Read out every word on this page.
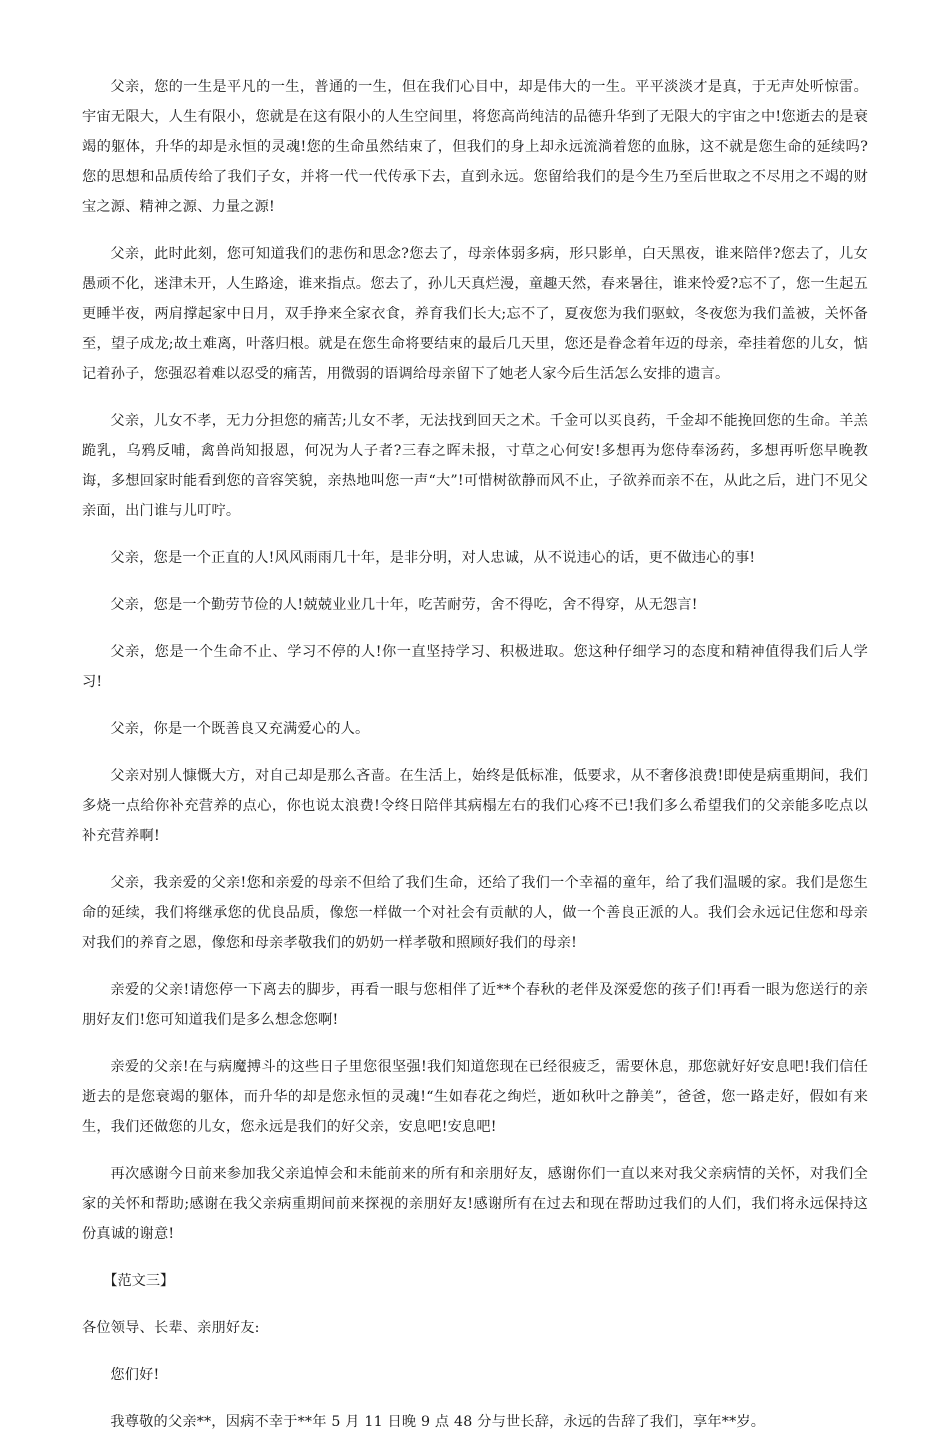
父亲，您的一生是平凡的一生，普通的一生，但在我们心目中，却是伟大的一生。平平淡淡才是真，于无声处听惊雷。宇宙无限大，人生有限小，您就是在这有限小的人生空间里，将您高尚纯洁的品德升华到了无限大的宇宙之中!您逝去的是衰竭的躯体，升华的却是永恒的灵魂!您的生命虽然结束了，但我们的身上却永远流淌着您的血脉，这不就是您生命的延续吗?您的思想和品质传给了我们子女，并将一代一代传承下去，直到永远。您留给我们的是今生乃至后世取之不尽用之不竭的财宝之源、精神之源、力量之源!

父亲，此时此刻，您可知道我们的悲伤和思念?您去了，母亲体弱多病，形只影单，白天黑夜，谁来陪伴?您去了，儿女愚顽不化，迷津未开，人生路途，谁来指点。您去了，孙儿天真烂漫，童趣天然，春来暑往，谁来怜爱?忘不了，您一生起五更睡半夜，两肩撑起家中日月，双手挣来全家衣食，养育我们长大;忘不了，夏夜您为我们驱蚊，冬夜您为我们盖被，关怀备至，望子成龙;故土难离，叶落归根。就是在您生命将要结束的最后几天里，您还是眷念着年迈的母亲，牵挂着您的儿女，惦记着孙子，您强忍着难以忍受的痛苦，用微弱的语调给母亲留下了她老人家今后生活怎么安排的遗言。

父亲，儿女不孝，无力分担您的痛苦;儿女不孝，无法找到回天之术。千金可以买良药，千金却不能挽回您的生命。羊羔跪乳，乌鸦反哺，禽兽尚知报恩，何况为人子者?三春之晖未报，寸草之心何安!多想再为您侍奉汤药，多想再听您早晚教诲，多想回家时能看到您的音容笑貌，亲热地叫您一声“大”!可惜树欲静而风不止，子欲养而亲不在，从此之后，进门不见父亲面，出门谁与儿叮咛。

父亲，您是一个正直的人!风风雨雨几十年，是非分明，对人忠诚，从不说违心的话，更不做违心的事!

父亲，您是一个勤劳节俭的人!兢兢业业几十年，吃苦耐劳，舍不得吃，舍不得穿，从无怨言!

父亲，您是一个生命不止、学习不停的人!你一直坚持学习、积极进取。您这种仔细学习的态度和精神值得我们后人学习!

父亲，你是一个既善良又充满爱心的人。

父亲对别人慷慨大方，对自己却是那么吝啬。在生活上，始终是低标准，低要求，从不奢侈浪费!即使是病重期间，我们多烧一点给你补充营养的点心，你也说太浪费!令终日陪伴其病榻左右的我们心疼不已!我们多么希望我们的父亲能多吃点以补充营养啊!

父亲，我亲爱的父亲!您和亲爱的母亲不但给了我们生命，还给了我们一个幸福的童年，给了我们温暖的家。我们是您生命的延续，我们将继承您的优良品质，像您一样做一个对社会有贡献的人，做一个善良正派的人。我们会永远记住您和母亲对我们的养育之恩，像您和母亲孝敬我们的奶奶一样孝敬和照顾好我们的母亲!

亲爱的父亲!请您停一下离去的脚步，再看一眼与您相伴了近**个春秋的老伴及深爱您的孩子们!再看一眼为您送行的亲朋好友们!您可知道我们是多么想念您啊!

亲爱的父亲!在与病魔搏斗的这些日子里您很坚强!我们知道您现在已经很疲乏，需要休息，那您就好好安息吧!我们信任逝去的是您衰竭的躯体，而升华的却是您永恒的灵魂!“生如春花之绚烂，逝如秋叶之静美”，爸爸，您一路走好，假如有来生，我们还做您的儿女，您永远是我们的好父亲，安息吧!安息吧!

再次感谢今日前来参加我父亲追悼会和未能前来的所有和亲朋好友，感谢你们一直以来对我父亲病情的关怀，对我们全家的关怀和帮助;感谢在我父亲病重期间前来探视的亲朋好友!感谢所有在过去和现在帮助过我们的人们，我们将永远保持这份真诚的谢意!

【范文三】

各位领导、长辈、亲朋好友:

您们好!

我尊敬的父亲**，因病不幸于**年 5 月 11 日晚 9 点 48 分与世长辞，永远的告辞了我们，享年**岁。
